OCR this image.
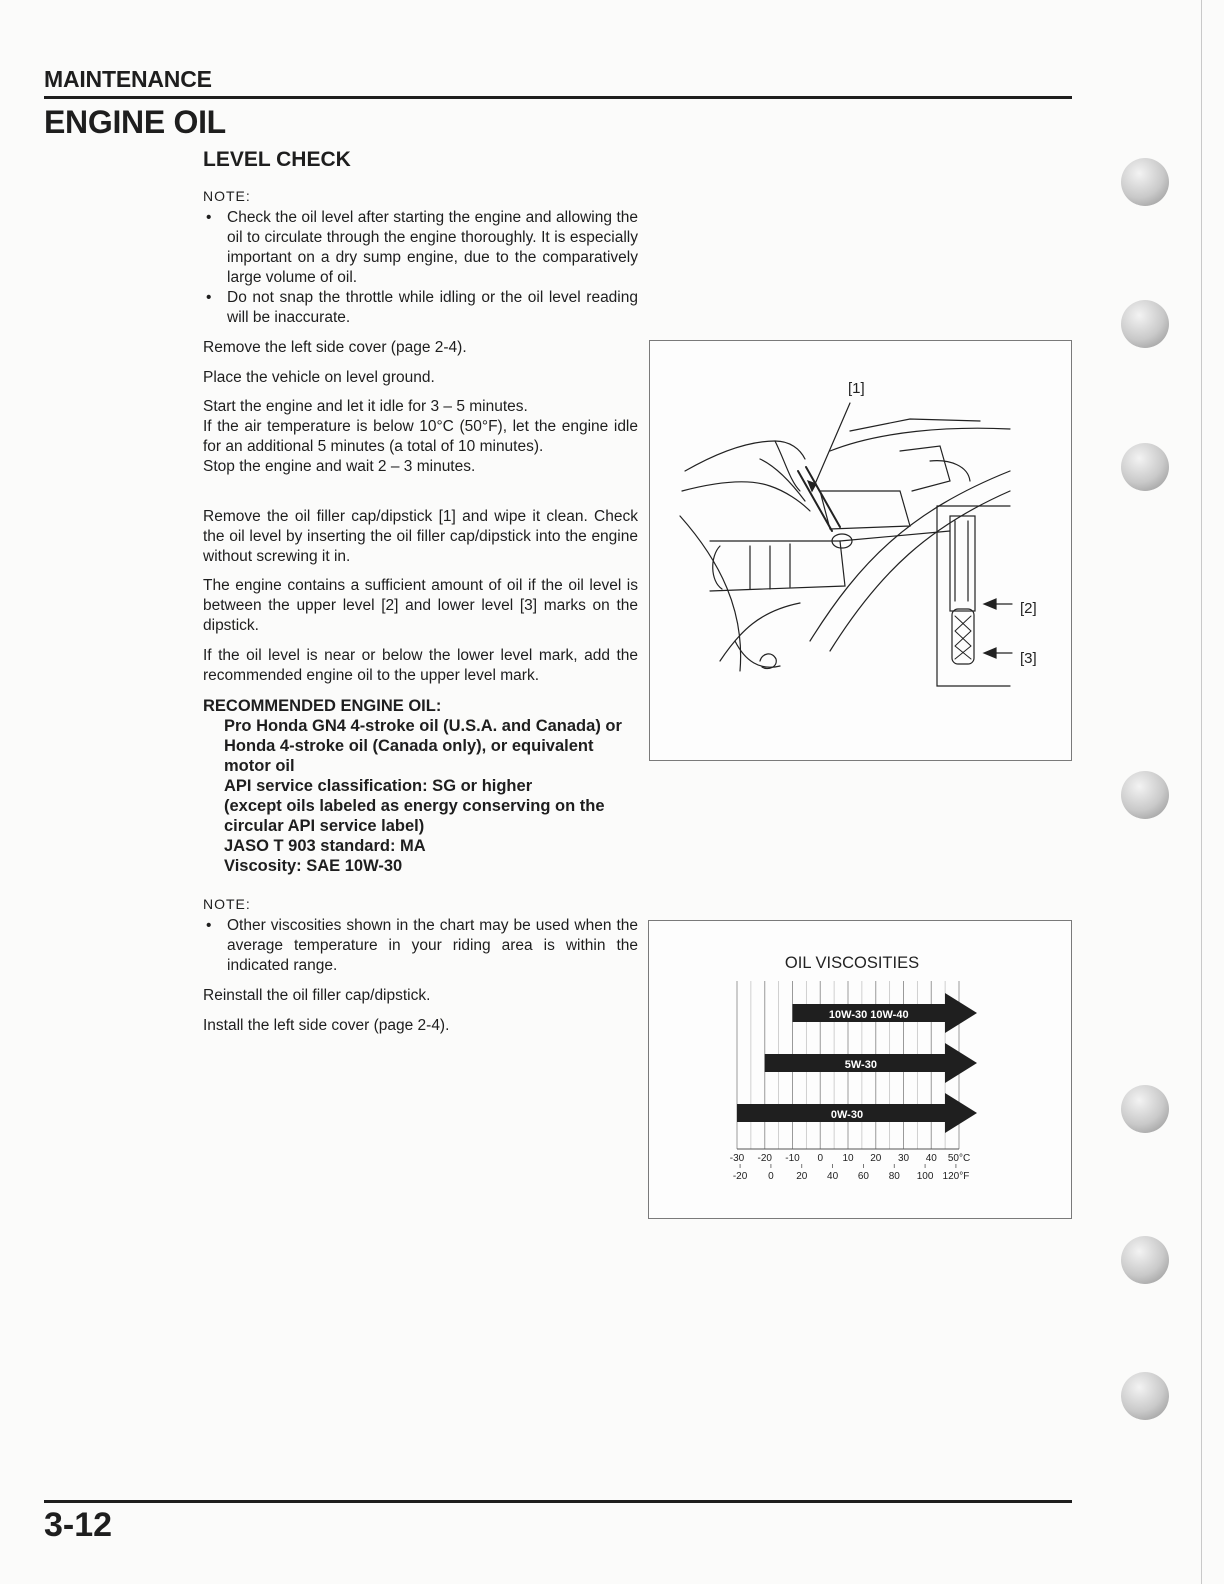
MAINTENANCE
ENGINE OIL
LEVEL CHECK
NOTE:
• Check the oil level after starting the engine and allowing the oil to circulate through the engine thoroughly. It is especially important on a dry sump engine, due to the comparatively large volume of oil.
• Do not snap the throttle while idling or the oil level reading will be inaccurate.
Remove the left side cover (page 2-4).
Place the vehicle on level ground.
Start the engine and let it idle for 3 – 5 minutes.
If the air temperature is below 10°C (50°F), let the engine idle for an additional 5 minutes (a total of 10 minutes).
Stop the engine and wait 2 – 3 minutes.
Remove the oil filler cap/dipstick [1] and wipe it clean. Check the oil level by inserting the oil filler cap/dipstick into the engine without screwing it in.
The engine contains a sufficient amount of oil if the oil level is between the upper level [2] and lower level [3] marks on the dipstick.
If the oil level is near or below the lower level mark, add the recommended engine oil to the upper level mark.
RECOMMENDED ENGINE OIL:
Pro Honda GN4 4-stroke oil (U.S.A. and Canada) or Honda 4-stroke oil (Canada only), or equivalent motor oil
API service classification: SG or higher
(except oils labeled as energy conserving on the circular API service label)
JASO T 903 standard: MA
Viscosity: SAE 10W-30
NOTE:
• Other viscosities shown in the chart may be used when the average temperature in your riding area is within the indicated range.
Reinstall the oil filler cap/dipstick.
Install the left side cover (page 2-4).
[1]
[2]
[3]
OIL VISCOSITIES
10W-30 10W-40
5W-30
0W-30
-30 -20 -10 0 10 20 30 40 50°C
-20 0 20 40 60 80 100 120°F
3-12
